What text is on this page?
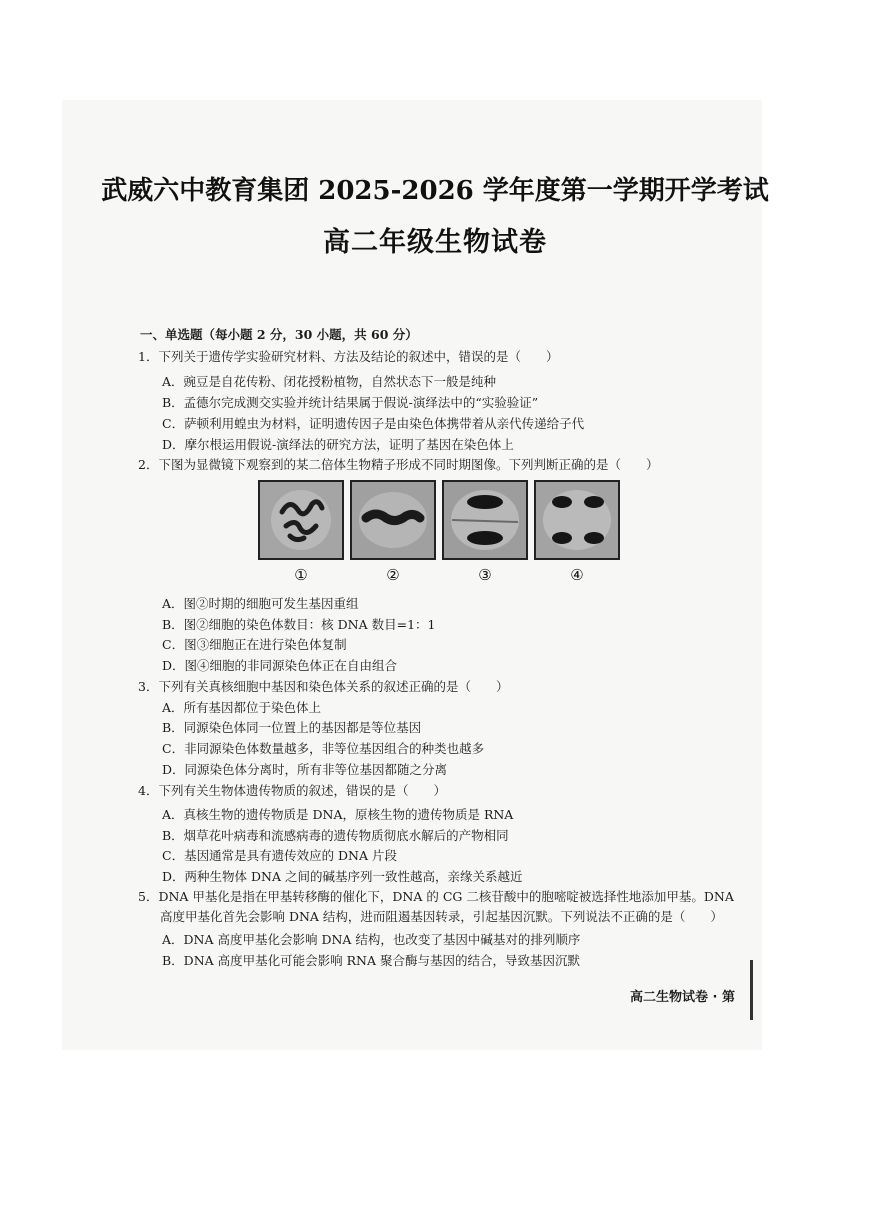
武威六中教育集团 2025-2026 学年度第一学期开学考试
高二年级生物试卷
一、单选题（每小题 2 分，30 小题，共 60 分）
1．下列关于遗传学实验研究材料、方法及结论的叙述中，错误的是（　　）
A．豌豆是自花传粉、闭花授粉植物，自然状态下一般是纯种
B．孟德尔完成测交实验并统计结果属于假说-演绎法中的“实验验证”
C．萨顿利用蝗虫为材料，证明遗传因子是由染色体携带着从亲代传递给子代
D．摩尔根运用假说-演绎法的研究方法，证明了基因在染色体上
2．下图为显微镜下观察到的某二倍体生物精子形成不同时期图像。下列判断正确的是（　　）
①	②	③	④
A．图②时期的细胞可发生基因重组
B．图②细胞的染色体数目：核 DNA 数目=1：1
C．图③细胞正在进行染色体复制
D．图④细胞的非同源染色体正在自由组合
3．下列有关真核细胞中基因和染色体关系的叙述正确的是（　　）
A．所有基因都位于染色体上
B．同源染色体同一位置上的基因都是等位基因
C．非同源染色体数量越多，非等位基因组合的种类也越多
D．同源染色体分离时，所有非等位基因都随之分离
4．下列有关生物体遗传物质的叙述，错误的是（　　）
A．真核生物的遗传物质是 DNA，原核生物的遗传物质是 RNA
B．烟草花叶病毒和流感病毒的遗传物质彻底水解后的产物相同
C．基因通常是具有遗传效应的 DNA 片段
D．两种生物体 DNA 之间的碱基序列一致性越高，亲缘关系越近
5．DNA 甲基化是指在甲基转移酶的催化下，DNA 的 CG 二核苷酸中的胞嘧啶被选择性地添加甲基。DNA
高度甲基化首先会影响 DNA 结构，进而阻遏基因转录，引起基因沉默。下列说法不正确的是（　　）
A．DNA 高度甲基化会影响 DNA 结构，也改变了基因中碱基对的排列顺序
B．DNA 高度甲基化可能会影响 RNA 聚合酶与基因的结合，导致基因沉默
高二生物试卷 · 第
